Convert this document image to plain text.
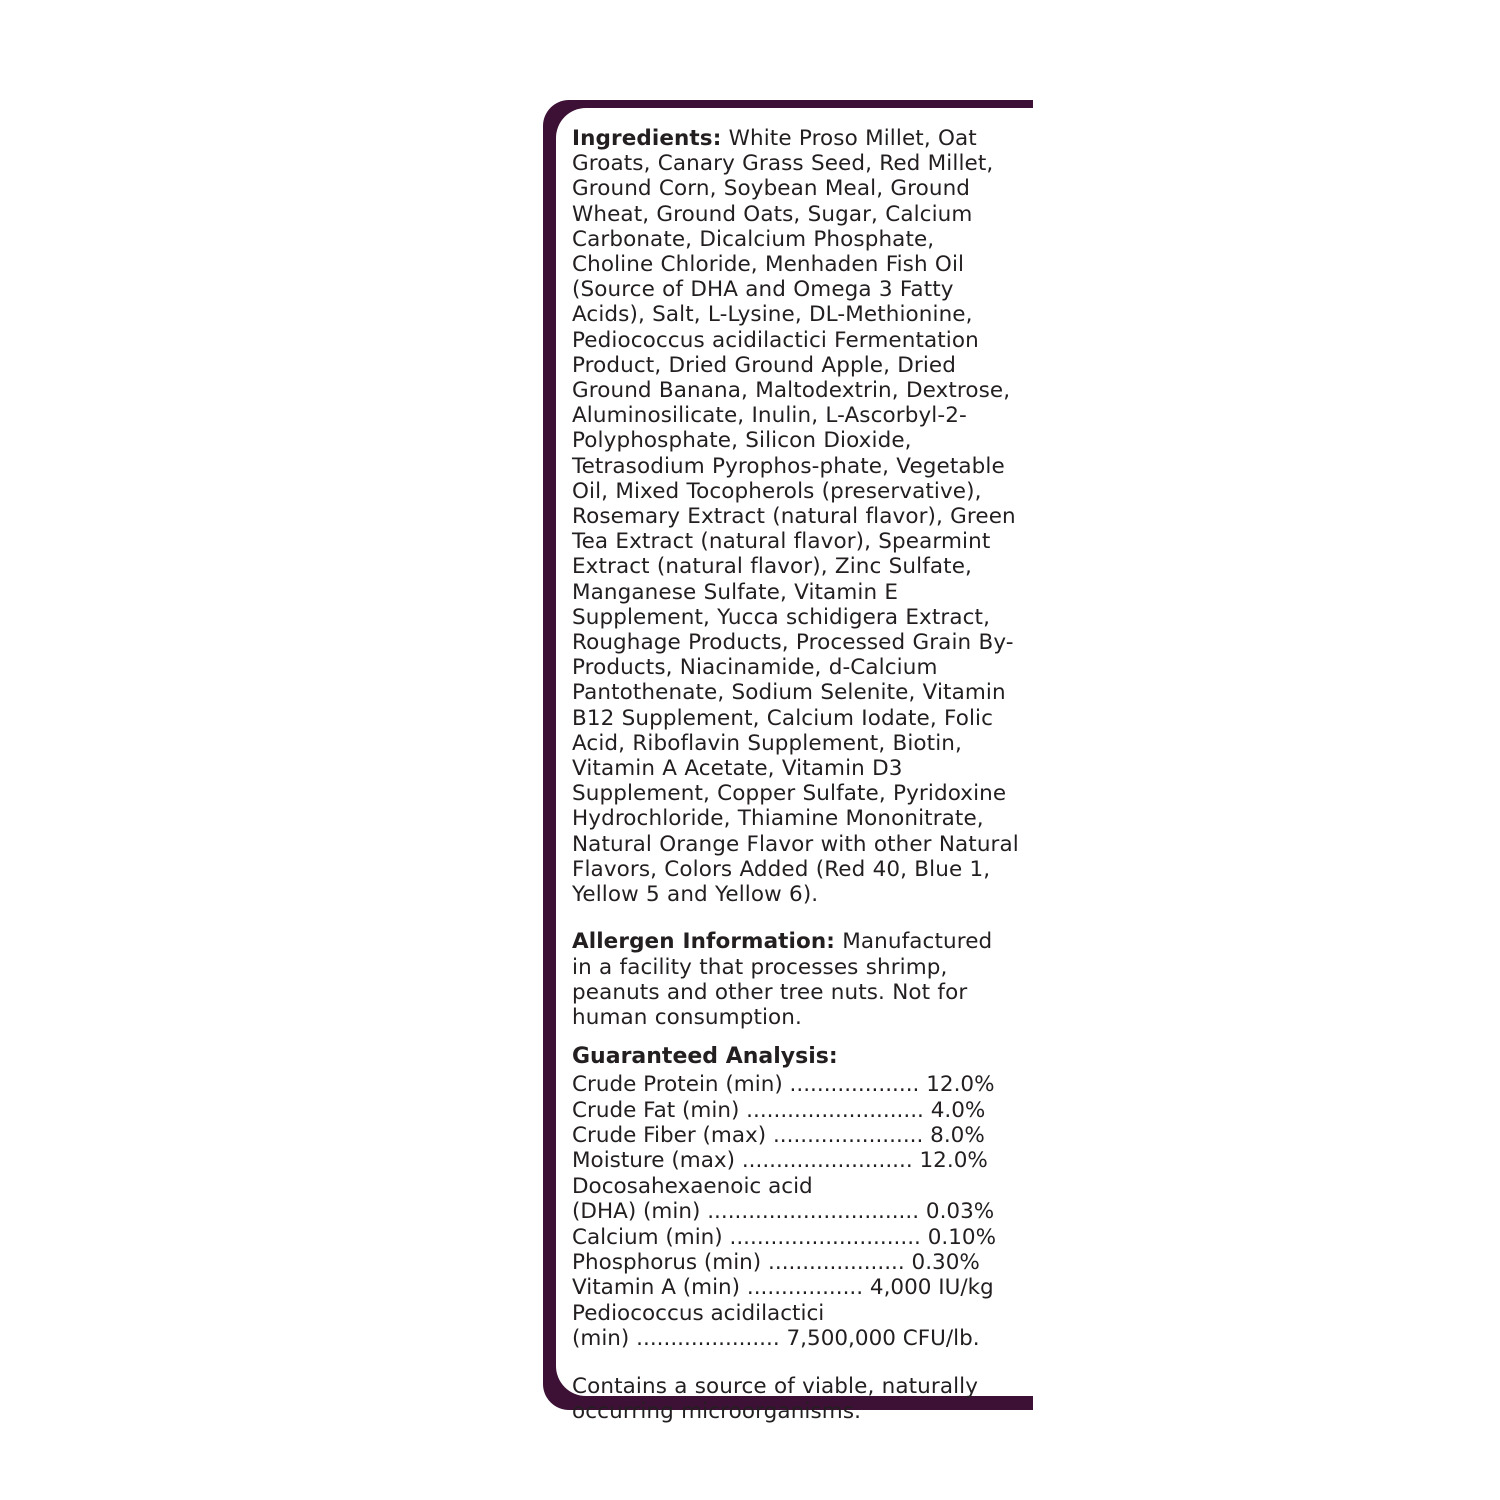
Ingredients: White Proso Millet, Oat Groats, Canary Grass Seed, Red Millet, Ground Corn, Soybean Meal, Ground Wheat, Ground Oats, Sugar, Calcium Carbonate, Dicalcium Phosphate, Choline Chloride, Menhaden Fish Oil (Source of DHA and Omega 3 Fatty Acids), Salt, L-Lysine, DL-Methionine, Pediococcus acidilactici Fermentation Product, Dried Ground Apple, Dried Ground Banana, Maltodextrin, Dextrose, Aluminosilicate, Inulin, L-Ascorbyl-2-Polyphosphate, Silicon Dioxide, Tetrasodium Pyrophos-phate, Vegetable Oil, Mixed Tocopherols (preservative), Rosemary Extract (natural flavor), Green Tea Extract (natural flavor), Spearmint Extract (natural flavor), Zinc Sulfate, Manganese Sulfate, Vitamin E Supplement, Yucca schidigera Extract, Roughage Products, Processed Grain By-Products, Niacinamide, d-Calcium Pantothenate, Sodium Selenite, Vitamin B12 Supplement, Calcium Iodate, Folic Acid, Riboflavin Supplement, Biotin, Vitamin A Acetate, Vitamin D3 Supplement, Copper Sulfate, Pyridoxine Hydrochloride, Thiamine Mononitrate, Natural Orange Flavor with other Natural Flavors, Colors Added (Red 40, Blue 1, Yellow 5 and Yellow 6).

Allergen Information: Manufactured in a facility that processes shrimp, peanuts and other tree nuts. Not for human consumption.

Guaranteed Analysis:
Crude Protein (min) ................... 12.0%
Crude Fat (min) .......................... 4.0%
Crude Fiber (max) ...................... 8.0%
Moisture (max) ......................... 12.0%
Docosahexaenoic acid
(DHA) (min) ............................... 0.03%
Calcium (min) ............................ 0.10%
Phosphorus (min) .................... 0.30%
Vitamin A (min) ................. 4,000 IU/kg
Pediococcus acidilactici
(min) ..................... 7,500,000 CFU/lb.

Contains a source of viable, naturally occurring microorganisms.
